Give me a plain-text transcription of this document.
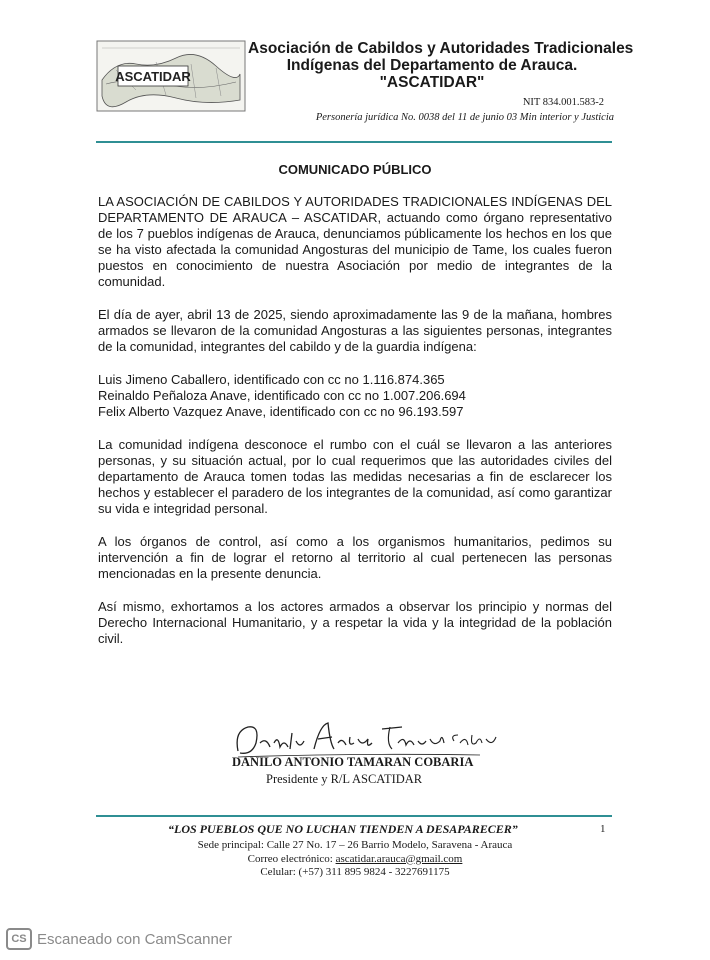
ASCATIDAR
Asociación de Cabildos y Autoridades Tradicionales
Indígenas del Departamento de Arauca.
"ASCATIDAR"
NIT 834.001.583-2
Personería jurídica No. 0038 del 11 de junio 03 Min interior y Justicia
COMUNICADO PÚBLICO

LA ASOCIACIÓN DE CABILDOS Y AUTORIDADES TRADICIONALES INDÍGENAS DEL DEPARTAMENTO DE ARAUCA – ASCATIDAR, actuando como órgano representativo de los 7 pueblos indígenas de Arauca, denunciamos públicamente los hechos en los que se ha visto afectada la comunidad Angosturas del municipio de Tame, los cuales fueron puestos en conocimiento de nuestra Asociación por medio de integrantes de la comunidad.

El día de ayer, abril 13 de 2025, siendo aproximadamente las 9 de la mañana, hombres armados se llevaron de la comunidad Angosturas a las siguientes personas, integrantes de la comunidad, integrantes del cabildo y de la guardia indígena:

Luis Jimeno Caballero, identificado con cc no 1.116.874.365
Reinaldo Peñaloza Anave, identificado con cc no 1.007.206.694
Felix Alberto Vazquez Anave, identificado con cc no 96.193.597

La comunidad indígena desconoce el rumbo con el cuál se llevaron a las anteriores personas, y su situación actual, por lo cual requerimos que las autoridades civiles del departamento de Arauca tomen todas las medidas necesarias a fin de esclarecer los hechos y establecer el paradero de los integrantes de la comunidad, así como garantizar su vida e integridad personal.

A los órganos de control, así como a los organismos humanitarios, pedimos su intervención a fin de lograr el retorno al territorio al cual pertenecen las personas mencionadas en la presente denuncia.

Así mismo, exhortamos a los actores armados a observar los principio y normas del Derecho Internacional Humanitario, y a respetar la vida y la integridad de la población civil.

DANILO ANTONIO TAMARAN COBARIA
Presidente y R/L ASCATIDAR
“LOS PUEBLOS QUE NO LUCHAN TIENDEN A DESAPARECER”	1
Sede principal: Calle 27 No. 17 – 26 Barrio Modelo, Saravena - Arauca
Correo electrónico: ascatidar.arauca@gmail.com
Celular: (+57) 311 895 9824 - 3227691175
CS Escaneado con CamScanner
